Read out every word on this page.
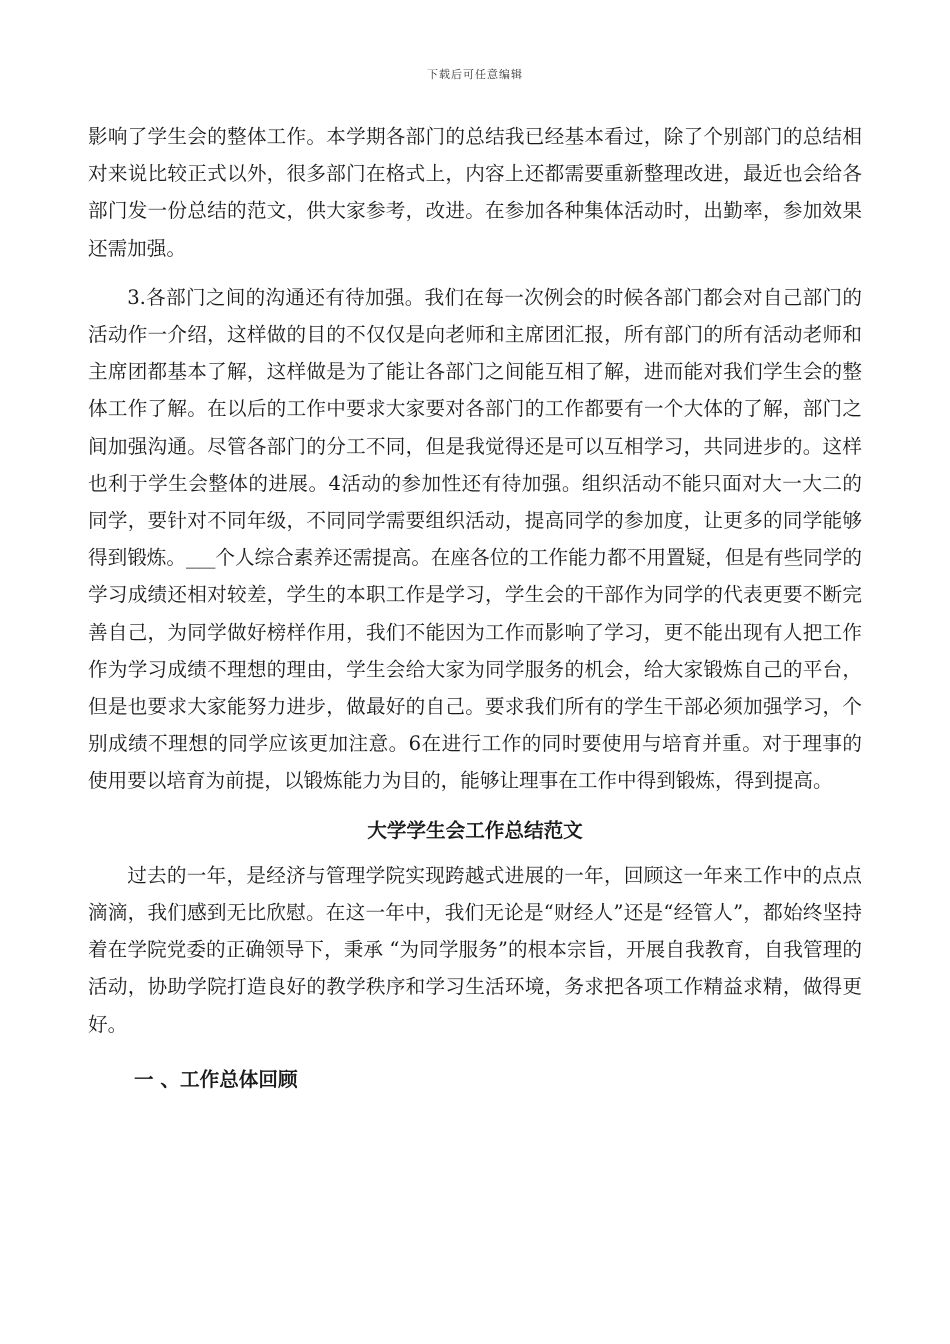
下载后可任意编辑

影响了学生会的整体工作。本学期各部门的总结我已经基本看过，除了个别部门的总结相对来说比较正式以外，很多部门在格式上，内容上还都需要重新整理改进，最近也会给各部门发一份总结的范文，供大家参考，改进。在参加各种集体活动时，出勤率，参加效果还需加强。

3.各部门之间的沟通还有待加强。我们在每一次例会的时候各部门都会对自己部门的活动作一介绍，这样做的目的不仅仅是向老师和主席团汇报，所有部门的所有活动老师和主席团都基本了解，这样做是为了能让各部门之间能互相了解，进而能对我们学生会的整体工作了解。在以后的工作中要求大家要对各部门的工作都要有一个大体的了解，部门之间加强沟通。尽管各部门的分工不同，但是我觉得还是可以互相学习，共同进步的。这样也利于学生会整体的进展。4活动的参加性还有待加强。组织活动不能只面对大一大二的同学，要针对不同年级，不同同学需要组织活动，提高同学的参加度，让更多的同学能够得到锻炼。___个人综合素养还需提高。在座各位的工作能力都不用置疑，但是有些同学的学习成绩还相对较差，学生的本职工作是学习，学生会的干部作为同学的代表更要不断完善自己，为同学做好榜样作用，我们不能因为工作而影响了学习，更不能出现有人把工作作为学习成绩不理想的理由，学生会给大家为同学服务的机会，给大家锻炼自己的平台，但是也要求大家能努力进步，做最好的自己。要求我们所有的学生干部必须加强学习，个别成绩不理想的同学应该更加注意。6在进行工作的同时要使用与培育并重。对于理事的使用要以培育为前提，以锻炼能力为目的，能够让理事在工作中得到锻炼，得到提高。

大学学生会工作总结范文

过去的一年，是经济与管理学院实现跨越式进展的一年，回顾这一年来工作中的点点滴滴，我们感到无比欣慰。在这一年中，我们无论是“财经人”还是“经管人”，都始终坚持着在学院党委的正确领导下，秉承 “为同学服务”的根本宗旨，开展自我教育，自我管理的活动，协助学院打造良好的教学秩序和学习生活环境，务求把各项工作精益求精，做得更好。

一 、工作总体回顾
